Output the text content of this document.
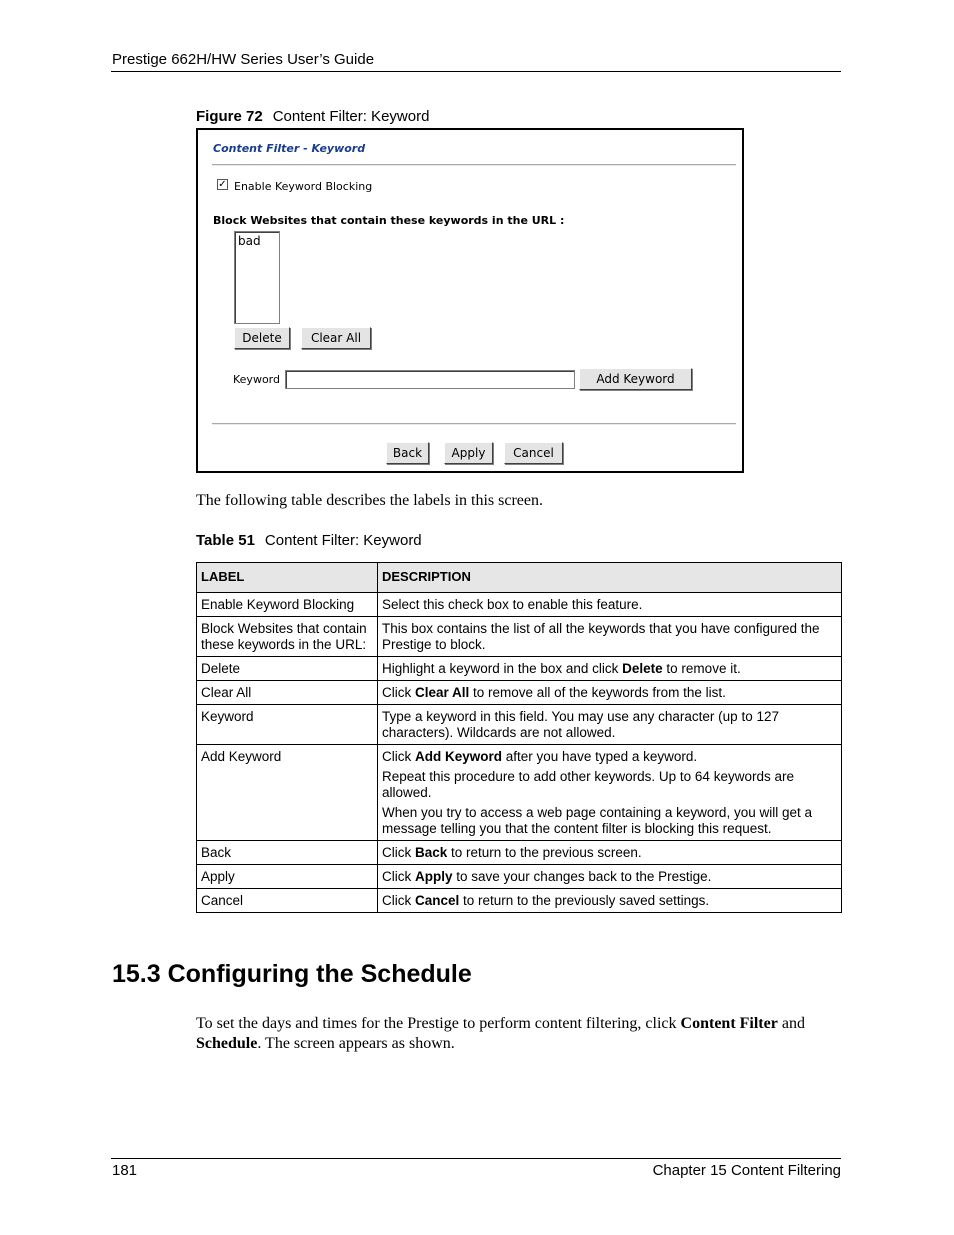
Prestige 662H/HW Series User’s Guide
Figure 72 Content Filter: Keyword
Content Filter - Keyword
✓ Enable Keyword Blocking
Block Websites that contain these keywords in the URL :
bad
Delete	Clear All
Keyword	Add Keyword
Back	Apply	Cancel
The following table describes the labels in this screen.
Table 51 Content Filter: Keyword
LABEL	DESCRIPTION
Enable Keyword Blocking	Select this check box to enable this feature.

Block Websites that contain these keywords in the URL:	This box contains the list of all the keywords that you have configured the Prestige to block.

Delete	Highlight a keyword in the box and click Delete to remove it.

Clear All	Click Clear All to remove all of the keywords from the list.

Keyword	Type a keyword in this field. You may use any character (up to 127 characters). Wildcards are not allowed.

Add Keyword	Click Add Keyword after you have typed a keyword.

Repeat this procedure to add other keywords. Up to 64 keywords are allowed.

When you try to access a web page containing a keyword, you will get a message telling you that the content filter is blocking this request.

Back	Click Back to return to the previous screen.

Apply	Click Apply to save your changes back to the Prestige.

Cancel	Click Cancel to return to the previously saved settings.

15.3 Configuring the Schedule
To set the days and times for the Prestige to perform content filtering, click Content Filter and Schedule. The screen appears as shown.
181	Chapter 15 Content Filtering
